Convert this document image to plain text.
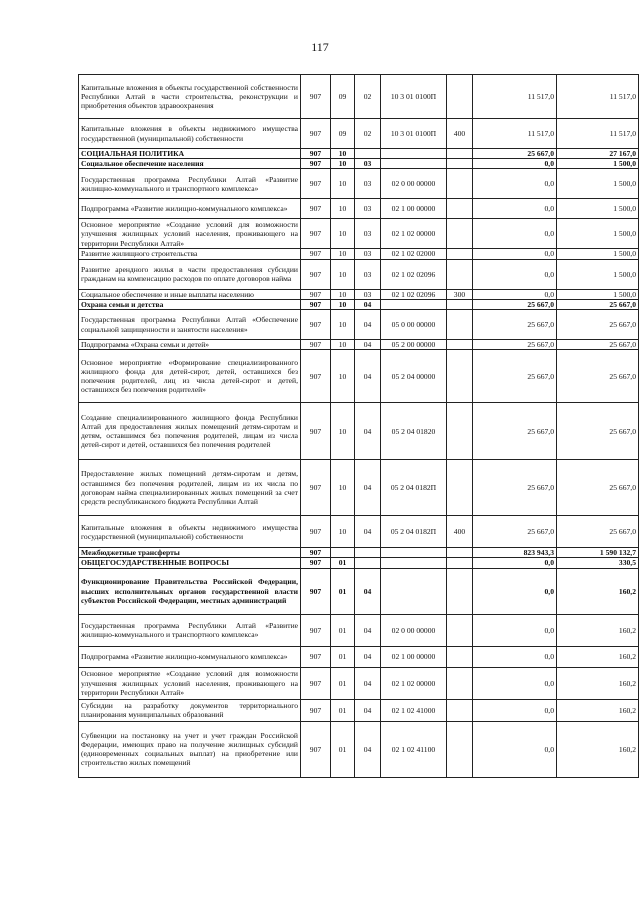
117
Капитальные вложения в объекты государственной собственности Республики Алтай в части строительства, реконструкции и приобретения объектов здравоохранения	907	09	02	10 3 01 0100П		11 517,0	11 517,0
Капитальные вложения в объекты недвижимого имущества государственной (муниципальной) собственности	907	09	02	10 3 01 0100П	400	11 517,0	11 517,0
СОЦИАЛЬНАЯ ПОЛИТИКА	907	10				25 667,0	27 167,0
Социальное обеспечение населения	907	10	03			0,0	1 500,0
Государственная программа Республики Алтай «Развитие жилищно-коммунального и транспортного комплекса»	907	10	03	02 0 00 00000		0,0	1 500,0
Подпрограмма «Развитие жилищно-коммунального комплекса»	907	10	03	02 1 00 00000		0,0	1 500,0
Основное мероприятие «Создание условий для возможности улучшения жилищных условий населения, проживающего на территории Республики Алтай»	907	10	03	02 1 02 00000		0,0	1 500,0
Развитие жилищного строительства	907	10	03	02 1 02 02000		0,0	1 500,0
Развитие арендного жилья в части предоставления субсидии гражданам на компенсацию расходов по оплате договоров найма	907	10	03	02 1 02 02096		0,0	1 500,0
Социальное обеспечение и иные выплаты населению	907	10	03	02 1 02 02096	300	0,0	1 500,0
Охрана семьи и детства	907	10	04			25 667,0	25 667,0
Государственная программа Республики Алтай «Обеспечение социальной защищенности и занятости населения»	907	10	04	05 0 00 00000		25 667,0	25 667,0
Подпрограмма «Охрана семьи и детей»	907	10	04	05 2 00 00000		25 667,0	25 667,0
Основное мероприятие «Формирование специализированного жилищного фонда для детей-сирот, детей, оставшихся без попечения родителей, лиц из числа детей-сирот и детей, оставшихся без попечения родителей»	907	10	04	05 2 04 00000		25 667,0	25 667,0
Создание специализированного жилищного фонда Республики Алтай для предоставления жилых помещений детям-сиротам и детям, оставшимся без попечения родителей, лицам из числа детей-сирот и детей, оставшихся без попечения родителей	907	10	04	05 2 04 01820		25 667,0	25 667,0
Предоставление жилых помещений детям-сиротам и детям, оставшимся без попечения родителей, лицам из их числа по договорам найма специализированных жилых помещений за счет средств республиканского бюджета Республики Алтай	907	10	04	05 2 04 0182П		25 667,0	25 667,0
Капитальные вложения в объекты недвижимого имущества государственной (муниципальной) собственности	907	10	04	05 2 04 0182П	400	25 667,0	25 667,0
Межбюджетные трансферты	907					823 943,3	1 590 132,7
ОБЩЕГОСУДАРСТВЕННЫЕ ВОПРОСЫ	907	01				0,0	330,5
Функционирование Правительства Российской Федерации, высших исполнительных органов государственной власти субъектов Российской Федерации, местных администраций	907	01	04			0,0	160,2
Государственная программа Республики Алтай «Развитие жилищно-коммунального и транспортного комплекса»	907	01	04	02 0 00 00000		0,0	160,2
Подпрограмма «Развитие жилищно-коммунального комплекса»	907	01	04	02 1 00 00000		0,0	160,2
Основное мероприятие «Создание условий для возможности улучшения жилищных условий населения, проживающего на территории Республики Алтай»	907	01	04	02 1 02 00000		0,0	160,2
Субсидии на разработку документов территориального планирования муниципальных образований	907	01	04	02 1 02 41000		0,0	160,2
Субвенции на постановку на учет и учет граждан Российской Федерации, имеющих право на получение жилищных субсидий (единовременных социальных выплат) на приобретение или строительство жилых помещений	907	01	04	02 1 02 41100		0,0	160,2
